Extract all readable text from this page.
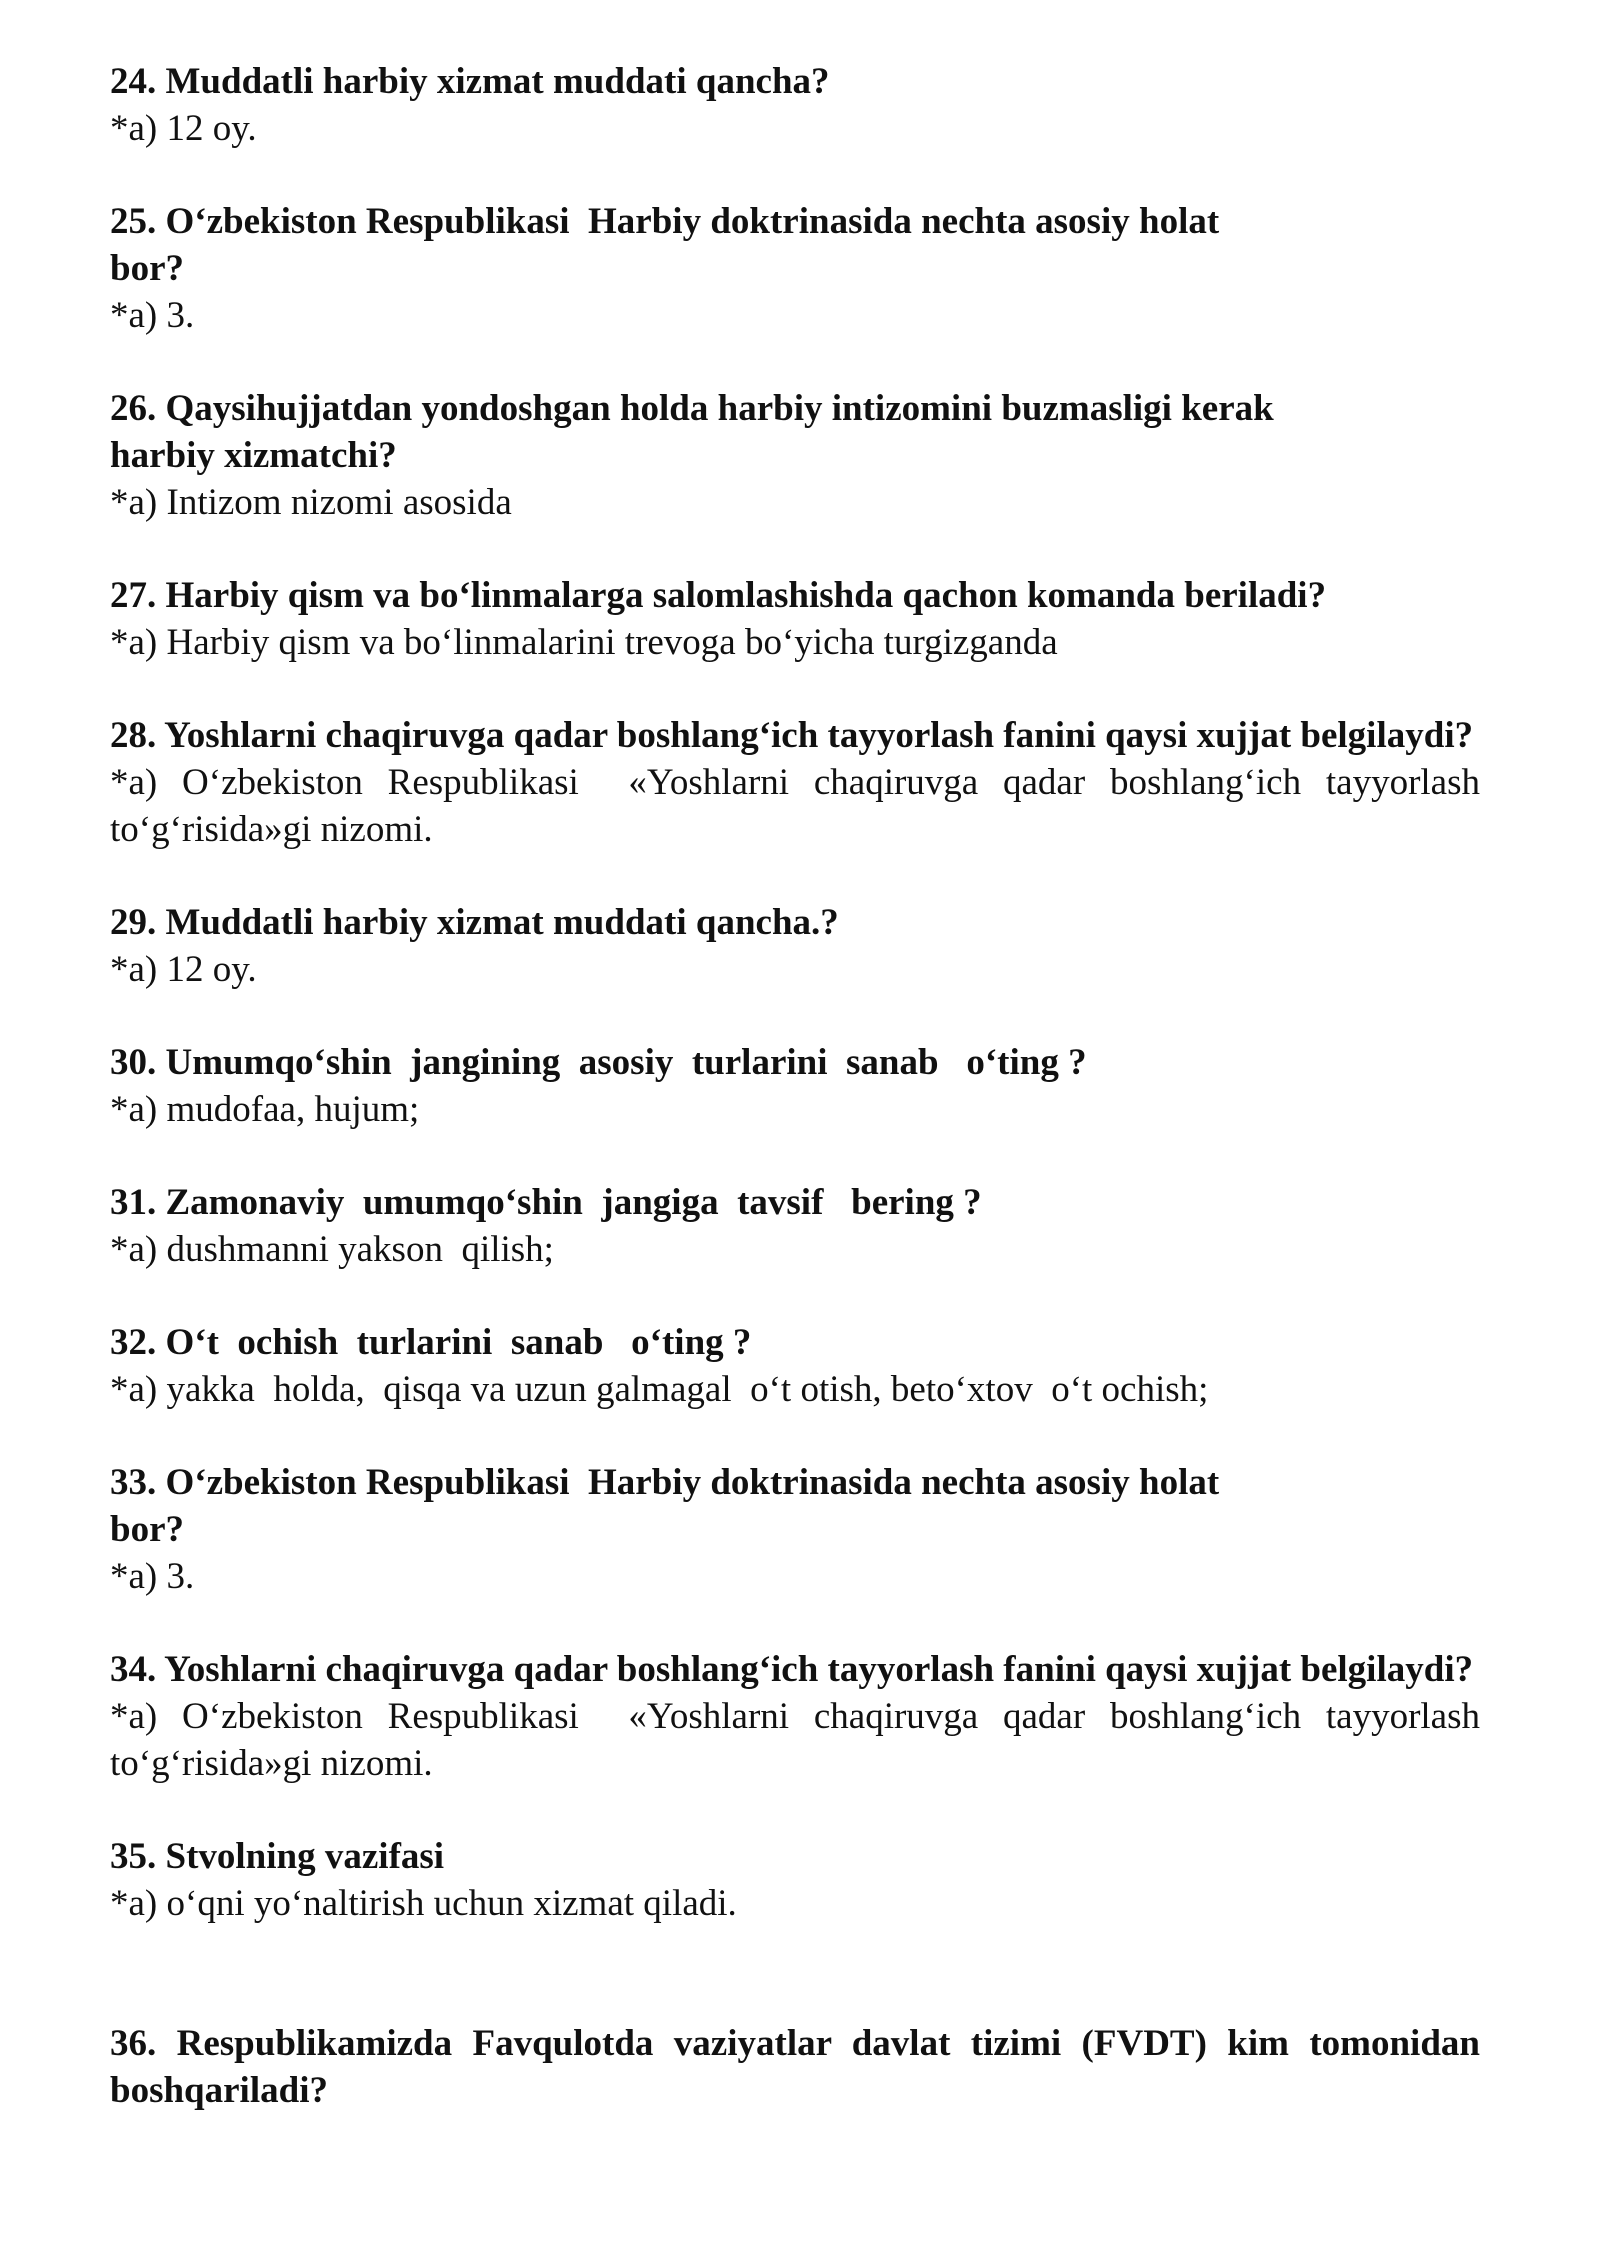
24. Muddatli harbiy xizmat muddati qancha?

*a) 12 oy.

25. O‘zbekiston Respublikasi  Harbiy doktrinasida nechta asosiy holat

bor?

*a) 3.

26. Qaysihujjatdan yondoshgan holda harbiy intizomini buzmasligi kerak

harbiy xizmatchi?

*a) Intizom nizomi asosida

27. Harbiy qism va bo‘linmalarga salomlashishda qachon komanda beriladi?

*a) Harbiy qism va bo‘linmalarini trevoga bo‘yicha turgizganda

28. Yoshlarni chaqiruvga qadar boshlang‘ich tayyorlash fanini qaysi xujjat belgilaydi?

*a) O‘zbekiston Respublikasi  «Yoshlarni chaqiruvga qadar boshlang‘ich tayyorlash to‘g‘risida»gi nizomi.

29. Muddatli harbiy xizmat muddati qancha.?

*a) 12 oy.

30. Umumqo‘shin  jangining  asosiy  turlarini  sanab   o‘ting ?

*a) mudofaa, hujum;

31. Zamonaviy  umumqo‘shin  jangiga  tavsif   bering ?

*a) dushmanni yakson  qilish;

32. O‘t  ochish  turlarini  sanab   o‘ting ?

*a) yakka  holda,  qisqa va uzun galmagal  o‘t otish, beto‘xtov  o‘t ochish;

33. O‘zbekiston Respublikasi  Harbiy doktrinasida nechta asosiy holat

bor?

*a) 3.

34. Yoshlarni chaqiruvga qadar boshlang‘ich tayyorlash fanini qaysi xujjat belgilaydi?

*a) O‘zbekiston Respublikasi  «Yoshlarni chaqiruvga qadar boshlang‘ich tayyorlash to‘g‘risida»gi nizomi.

35. Stvolning vazifasi

*a) o‘qni yo‘naltirish uchun xizmat qiladi.

36. Respublikamizda Favqulotda vaziyatlar davlat tizimi (FVDT) kim tomonidan boshqariladi?
